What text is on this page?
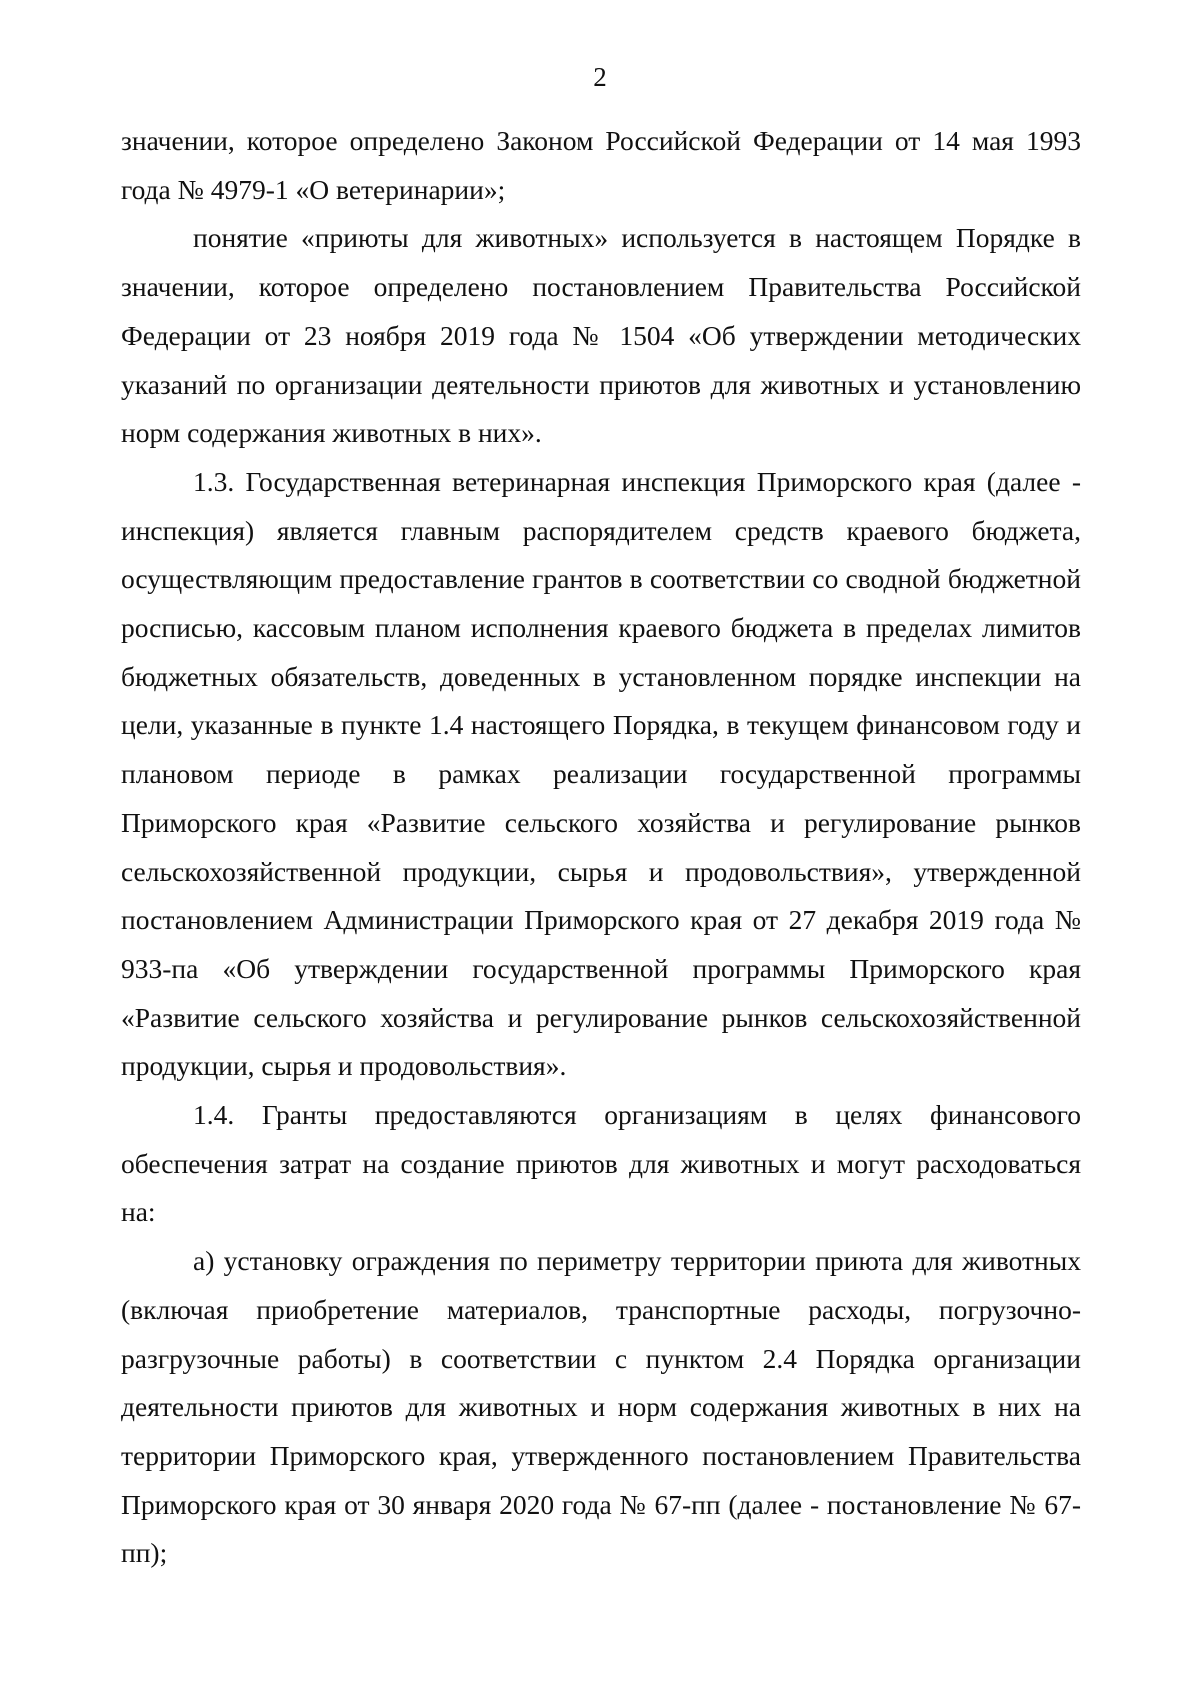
2

значении, которое определено Законом Российской Федерации от 14 мая 1993 года № 4979-1 «О ветеринарии»;

понятие «приюты для животных» используется в настоящем Порядке в значении, которое определено постановлением Правительства Российской Федерации от 23 ноября 2019 года № 1504 «Об утверждении методических указаний по организации деятельности приютов для животных и установлению норм содержания животных в них».

1.3. Государственная ветеринарная инспекция Приморского края (далее - инспекция) является главным распорядителем средств краевого бюджета, осуществляющим предоставление грантов в соответствии со сводной бюджетной росписью, кассовым планом исполнения краевого бюджета в пределах лимитов бюджетных обязательств, доведенных в установленном порядке инспекции на цели, указанные в пункте 1.4 настоящего Порядка, в текущем финансовом году и плановом периоде в рамках реализации государственной программы Приморского края «Развитие сельского хозяйства и регулирование рынков сельскохозяйственной продукции, сырья и продовольствия», утвержденной постановлением Администрации Приморского края от 27 декабря 2019 года № 933-па «Об утверждении государственной программы Приморского края «Развитие сельского хозяйства и регулирование рынков сельскохозяйственной продукции, сырья и продовольствия».

1.4. Гранты предоставляются организациям в целях финансового обеспечения затрат на создание приютов для животных и могут расходоваться на:

а) установку ограждения по периметру территории приюта для животных (включая приобретение материалов, транспортные расходы, погрузочно-разгрузочные работы) в соответствии с пунктом 2.4 Порядка организации деятельности приютов для животных и норм содержания животных в них на территории Приморского края, утвержденного постановлением Правительства Приморского края от 30 января 2020 года № 67-пп (далее - постановление № 67-пп);
